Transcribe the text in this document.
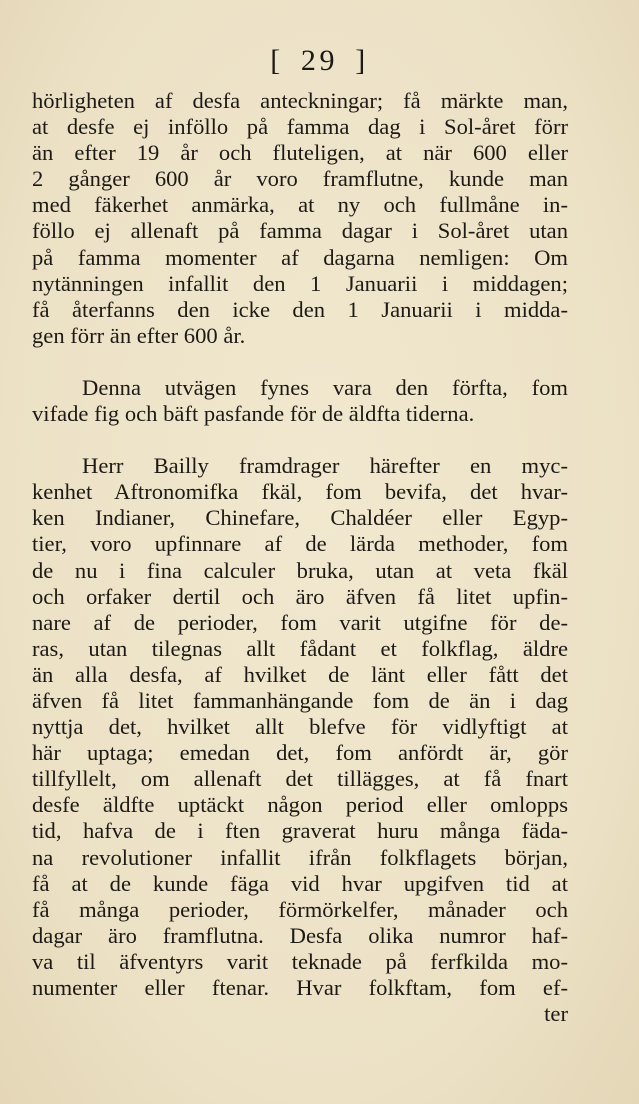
[ 29 ]
hörligheten af desfa anteckningar; få märkte man,
at desfe ej inföllo på famma dag i Sol-året förr
än efter 19 år och fluteligen, at när 600 eller
2 gånger 600 år voro framflutne, kunde man
med fäkerhet anmärka, at ny och fullmåne in-
föllo ej allenaft på famma dagar i Sol-året utan
på famma momenter af dagarna nemligen: Om
nytänningen infallit den 1 Januarii i middagen;
få återfanns den icke den 1 Januarii i midda-
gen förr än efter 600 år.
Denna utvägen fynes vara den förfta, fom
vifade fig och bäft pasfande för de äldfta tiderna.
Herr Bailly framdrager härefter en myc-
kenhet Aftronomifka fkäl, fom bevifa, det hvar-
ken Indianer, Chinefare, Chaldéer eller Egyp-
tier, voro upfinnare af de lärda methoder, fom
de nu i fina calculer bruka, utan at veta fkäl
och orfaker dertil och äro äfven få litet upfin-
nare af de perioder, fom varit utgifne för de-
ras, utan tilegnas allt fådant et folkflag, äldre
än alla desfa, af hvilket de länt eller fått det
äfven få litet fammanhängande fom de än i dag
nyttja det, hvilket allt blefve för vidlyftigt at
här uptaga; emedan det, fom anfördt är, gör
tillfyllelt, om allenaft det tillägges, at få fnart
desfe äldfte uptäckt någon period eller omlopps
tid, hafva de i ften graverat huru många fäda-
na revolutioner infallit ifrån folkflagets början,
få at de kunde fäga vid hvar upgifven tid at
få många perioder, förmörkelfer, månader och
dagar äro framflutna. Desfa olika numror haf-
va til äfventyrs varit teknade på ferfkilda mo-
numenter eller ftenar. Hvar folkftam, fom ef-
ter
